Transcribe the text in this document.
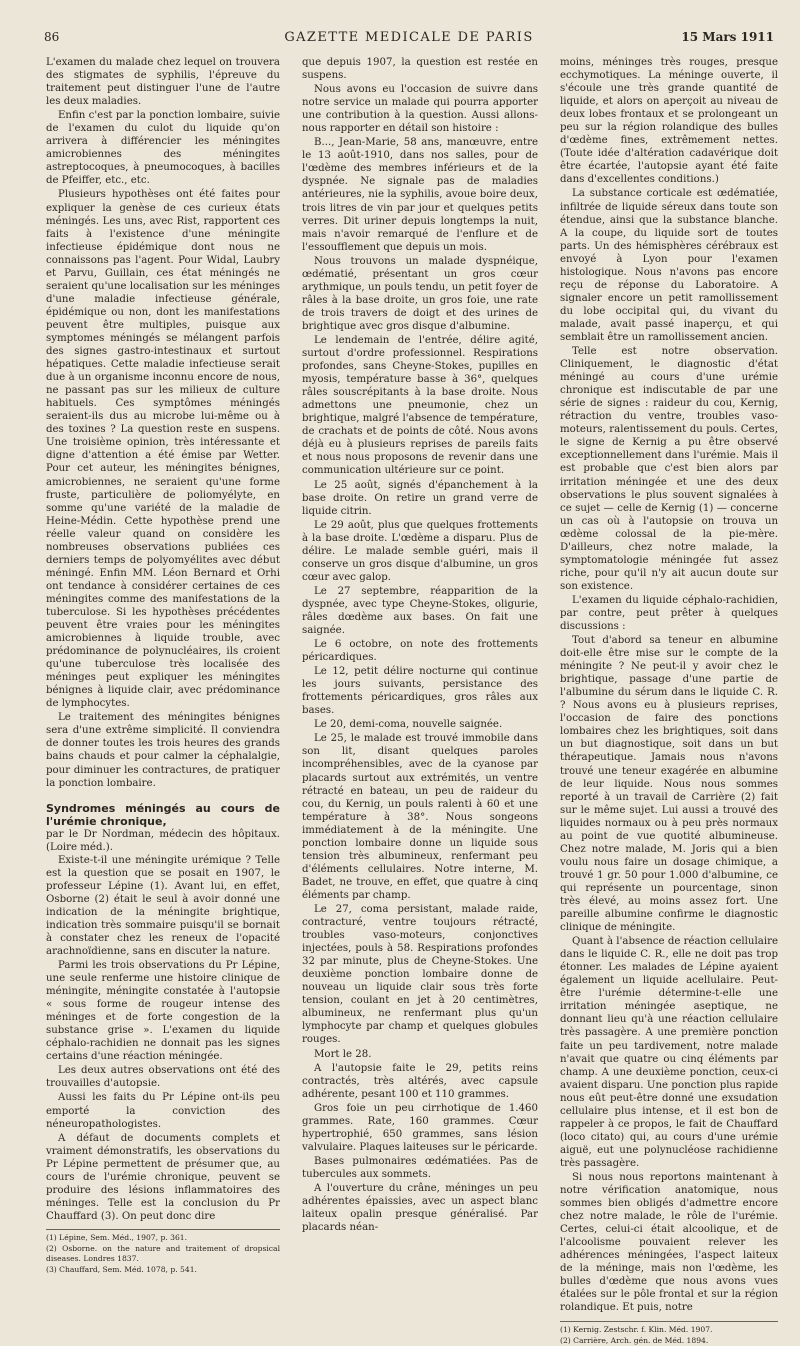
86	GAZETTE MEDICALE DE PARIS	15 Mars 1911

L'examen du malade chez lequel on trouvera des stigmates de syphilis, l'épreuve du traitement peut distinguer l'une de l'autre les deux maladies.

Enfin c'est par la ponction lombaire, suivie de l'examen du culot du liquide qu'on arrivera à différencier les méningites amicrobiennes des méningites astreptocoques, à pneumocoques, à bacilles de Pfeiffer, etc., etc.

Plusieurs hypothèses ont été faites pour expliquer la genèse de ces curieux états méningés. Les uns, avec Rist, rapportent ces faits à l'existence d'une méningite infectieuse épidémique dont nous ne connaissons pas l'agent. Pour Widal, Laubry et Parvu, Guillain, ces état méningés ne seraient qu'une localisation sur les méninges d'une maladie infectieuse générale, épidémique ou non, dont les manifestations peuvent être multiples, puisque aux symptomes méningés se mélangent parfois des signes gastro-intestinaux et surtout hépatiques. Cette maladie infectieuse serait due à un organisme inconnu encore de nous, ne passant pas sur les milieux de culture habituels. Ces symptômes méningés seraient-ils dus au microbe lui-même ou à des toxines ? La question reste en suspens. Une troisième opinion, très intéressante et digne d'attention a été émise par Wetter. Pour cet auteur, les méningites bénignes, amicrobiennes, ne seraient qu'une forme fruste, particulière de poliomyélyte, en somme qu'une variété de la maladie de Heine-Médin. Cette hypothèse prend une réelle valeur quand on considère les nombreuses observations publiées ces derniers temps de polyomyélites avec début méningé. Enfin MM. Léon Bernard et Orhi ont tendance à considérer certaines de ces méningites comme des manifestations de la tuberculose. Si les hypothèses précédentes peuvent être vraies pour les méningites amicrobiennes à liquide trouble, avec prédominance de polynucléaires, ils croient qu'une tuberculose très localisée des méninges peut expliquer les méningites bénignes à liquide clair, avec prédominance de lymphocytes.

Le traitement des méningites bénignes sera d'une extrême simplicité. Il conviendra de donner toutes les trois heures des grands bains chauds et pour calmer la céphalalgie, pour diminuer les contractures, de pratiquer la ponction lombaire.

Syndromes méningés au cours de l'urémie chronique,
par le Dr Nordman, médecin des hôpitaux. (Loire méd.).

Existe-t-il une méningite urémique ? Telle est la question que se posait en 1907, le professeur Lépine (1). Avant lui, en effet, Osborne (2) était le seul à avoir donné une indication de la méningite brightique, indication très sommaire puisqu'il se bornait à constater chez les reneux de l'opacité arachnoïdienne, sans en discuter la nature.

Parmi les trois observations du Pr Lépine, une seule renferme une histoire clinique de méningite, méningite constatée à l'autopsie « sous forme de rougeur intense des méninges et de forte congestion de la substance grise ». L'examen du liquide céphalo-rachidien ne donnait pas les signes certains d'une réaction méningée.

Les deux autres observations ont été des trouvailles d'autopsie.

Aussi les faits du Pr Lépine ont-ils peu emporté la conviction des néneuropathologistes.

A défaut de documents complets et vraiment démonstratifs, les observations du Pr Lépine permettent de présumer que, au cours de l'urémie chronique, peuvent se produire des lésions inflammatoires des méninges. Telle est la conclusion du Pr Chauffard (3). On peut donc dire

(1) Lépine, Sem. Méd., 1907, p. 361.

(2) Osborne. on the nature and traitement of dropsical diseases. Londres 1837.

(3) Chauffard, Sem. Méd. 1078, p. 541.

que depuis 1907, la question est restée en suspens.

Nous avons eu l'occasion de suivre dans notre service un malade qui pourra apporter une contribution à la question. Aussi allons-nous rapporter en détail son histoire :

B..., Jean-Marie, 58 ans, manœuvre, entre le 13 août-1910, dans nos salles, pour de l'œdème des membres inférieurs et de la dyspnée. Ne signale pas de maladies antérieures, nie la syphilis, avoue boire deux, trois litres de vin par jour et quelques petits verres. Dit uriner depuis longtemps la nuit, mais n'avoir remarqué de l'enflure et de l'essoufflement que depuis un mois.

Nous trouvons un malade dyspnéique, œdématié, présentant un gros cœur arythmique, un pouls tendu, un petit foyer de râles à la base droite, un gros foie, une rate de trois travers de doigt et des urines de brightique avec gros disque d'albumine.

Le lendemain de l'entrée, délire agité, surtout d'ordre professionnel. Respirations profondes, sans Cheyne-Stokes, pupilles en myosis, température basse à 36°, quelques râles souscrépitants à la base droite. Nous admettons une pneumonie, chez un brightique, malgré l'absence de température, de crachats et de points de côté. Nous avons déjà eu à plusieurs reprises de pareils faits et nous nous proposons de revenir dans une communication ultérieure sur ce point.

Le 25 août, signés d'épanchement à la base droite. On retire un grand verre de liquide citrin.

Le 29 août, plus que quelques frottements à la base droite. L'œdème a disparu. Plus de délire. Le malade semble guéri, mais il conserve un gros disque d'albumine, un gros cœur avec galop.

Le 27 septembre, réapparition de la dyspnée, avec type Cheyne-Stokes, oligurie, râles dœdème aux bases. On fait une saignée.

Le 6 octobre, on note des frottements péricardiques.

Le 12, petit délire nocturne qui continue les jours suivants, persistance des frottements péricardiques, gros râles aux bases.

Le 20, demi-coma, nouvelle saignée.

Le 25, le malade est trouvé immobile dans son lit, disant quelques paroles incompréhensibles, avec de la cyanose par placards surtout aux extrémités, un ventre rétracté en bateau, un peu de raideur du cou, du Kernig, un pouls ralenti à 60 et une température à 38°. Nous songeons immédiatement à de la méningite. Une ponction lombaire donne un liquide sous tension très albumineux, renfermant peu d'éléments cellulaires. Notre interne, M. Badet, ne trouve, en effet, que quatre à cinq éléments par champ.

Le 27, coma persistant, malade raide, contracturé, ventre toujours rétracté, troubles vaso-moteurs, conjonctives injectées, pouls à 58. Respirations profondes 32 par minute, plus de Cheyne-Stokes. Une deuxième ponction lombaire donne de nouveau un liquide clair sous très forte tension, coulant en jet à 20 centimètres, albumineux, ne renfermant plus qu'un lymphocyte par champ et quelques globules rouges.

Mort le 28.

A l'autopsie faite le 29, petits reins contractés, très altérés, avec capsule adhérente, pesant 100 et 110 grammes.

Gros foie un peu cirrhotique de 1.460 grammes. Rate, 160 grammes. Cœur hypertrophié, 650 grammes, sans lésion valvulaire. Plaques laiteuses sur le péricarde.

Bases pulmonaires œdématiées. Pas de tubercules aux sommets.

A l'ouverture du crâne, méninges un peu adhérentes épaissies, avec un aspect blanc laiteux opalin presque généralisé. Par placards néan-

moins, méninges très rouges, presque ecchymotiques. La méninge ouverte, il s'écoule une très grande quantité de liquide, et alors on aperçoit au niveau de deux lobes frontaux et se prolongeant un peu sur la région rolandique des bulles d'œdème fines, extrêmement nettes. (Toute idée d'altération cadavérique doit être écartée, l'autopsie ayant été faite dans d'excellentes conditions.)

La substance corticale est œdématiée, infiltrée de liquide séreux dans toute son étendue, ainsi que la substance blanche. A la coupe, du liquide sort de toutes parts. Un des hémisphères cérébraux est envoyé à Lyon pour l'examen histologique. Nous n'avons pas encore reçu de réponse du Laboratoire. A signaler encore un petit ramollissement du lobe occipital qui, du vivant du malade, avait passé inaperçu, et qui semblait être un ramollissement ancien.

Telle est notre observation. Cliniquement, le diagnostic d'état méningé au cours d'une urémie chronique est indiscutable de par une série de signes : raideur du cou, Kernig, rétraction du ventre, troubles vaso-moteurs, ralentissement du pouls. Certes, le signe de Kernig a pu être observé exceptionnellement dans l'urémie. Mais il est probable que c'est bien alors par irritation méningée et une des deux observations le plus souvent signalées à ce sujet — celle de Kernig (1) — concerne un cas où à l'autopsie on trouva un œdème colossal de la pie-mère. D'ailleurs, chez notre malade, la symptomatologie méningée fut assez riche, pour qu'il n'y ait aucun doute sur son existence.

L'examen du liquide céphalo-rachidien, par contre, peut prêter à quelques discussions :

Tout d'abord sa teneur en albumine doit-elle être mise sur le compte de la méningite ? Ne peut-il y avoir chez le brightique, passage d'une partie de l'albumine du sérum dans le liquide C. R. ? Nous avons eu à plusieurs reprises, l'occasion de faire des ponctions lombaires chez les brightiques, soit dans un but diagnostique, soit dans un but thérapeutique. Jamais nous n'avons trouvé une teneur exagérée en albumine de leur liquide. Nous nous sommes reporté à un travail de Carrière (2) fait sur le même sujet. Lui aussi a trouvé des liquides normaux ou à peu près normaux au point de vue quotité albumineuse. Chez notre malade, M. Joris qui a bien voulu nous faire un dosage chimique, a trouvé 1 gr. 50 pour 1.000 d'albumine, ce qui représente un pourcentage, sinon très élevé, au moins assez fort. Une pareille albumine confirme le diagnostic clinique de méningite.

Quant à l'absence de réaction cellulaire dans le liquide C. R., elle ne doit pas trop étonner. Les malades de Lépine ayaient également un liquide acellulaire. Peut-être l'urémie détermine-t-elle une irritation méningée aseptique, ne donnant lieu qu'à une réaction cellulaire très passagère. A une première ponction faite un peu tardivement, notre malade n'avait que quatre ou cinq éléments par champ. A une deuxième ponction, ceux-ci avaient disparu. Une ponction plus rapide nous eût peut-être donné une exsudation cellulaire plus intense, et il est bon de rappeler à ce propos, le fait de Chauffard (loco citato) qui, au cours d'une urémie aiguë, eut une polynucléose rachidienne très passagère.

Si nous nous reportons maintenant à notre vérification anatomique, nous sommes bien obligés d'admettre encore chez notre malade, le rôle de l'urémie. Certes, celui-ci était alcoolique, et de l'alcoolisme pouvaient relever les adhérences méningées, l'aspect laiteux de la méninge, mais non l'œdème, les bulles d'œdème que nous avons vues étalées sur le pôle frontal et sur la région rolandique. Et puis, notre

(1) Kernig. Zestschr. f. Klin. Méd. 1907.

(2) Carrière, Arch. gén. de Méd. 1894.
